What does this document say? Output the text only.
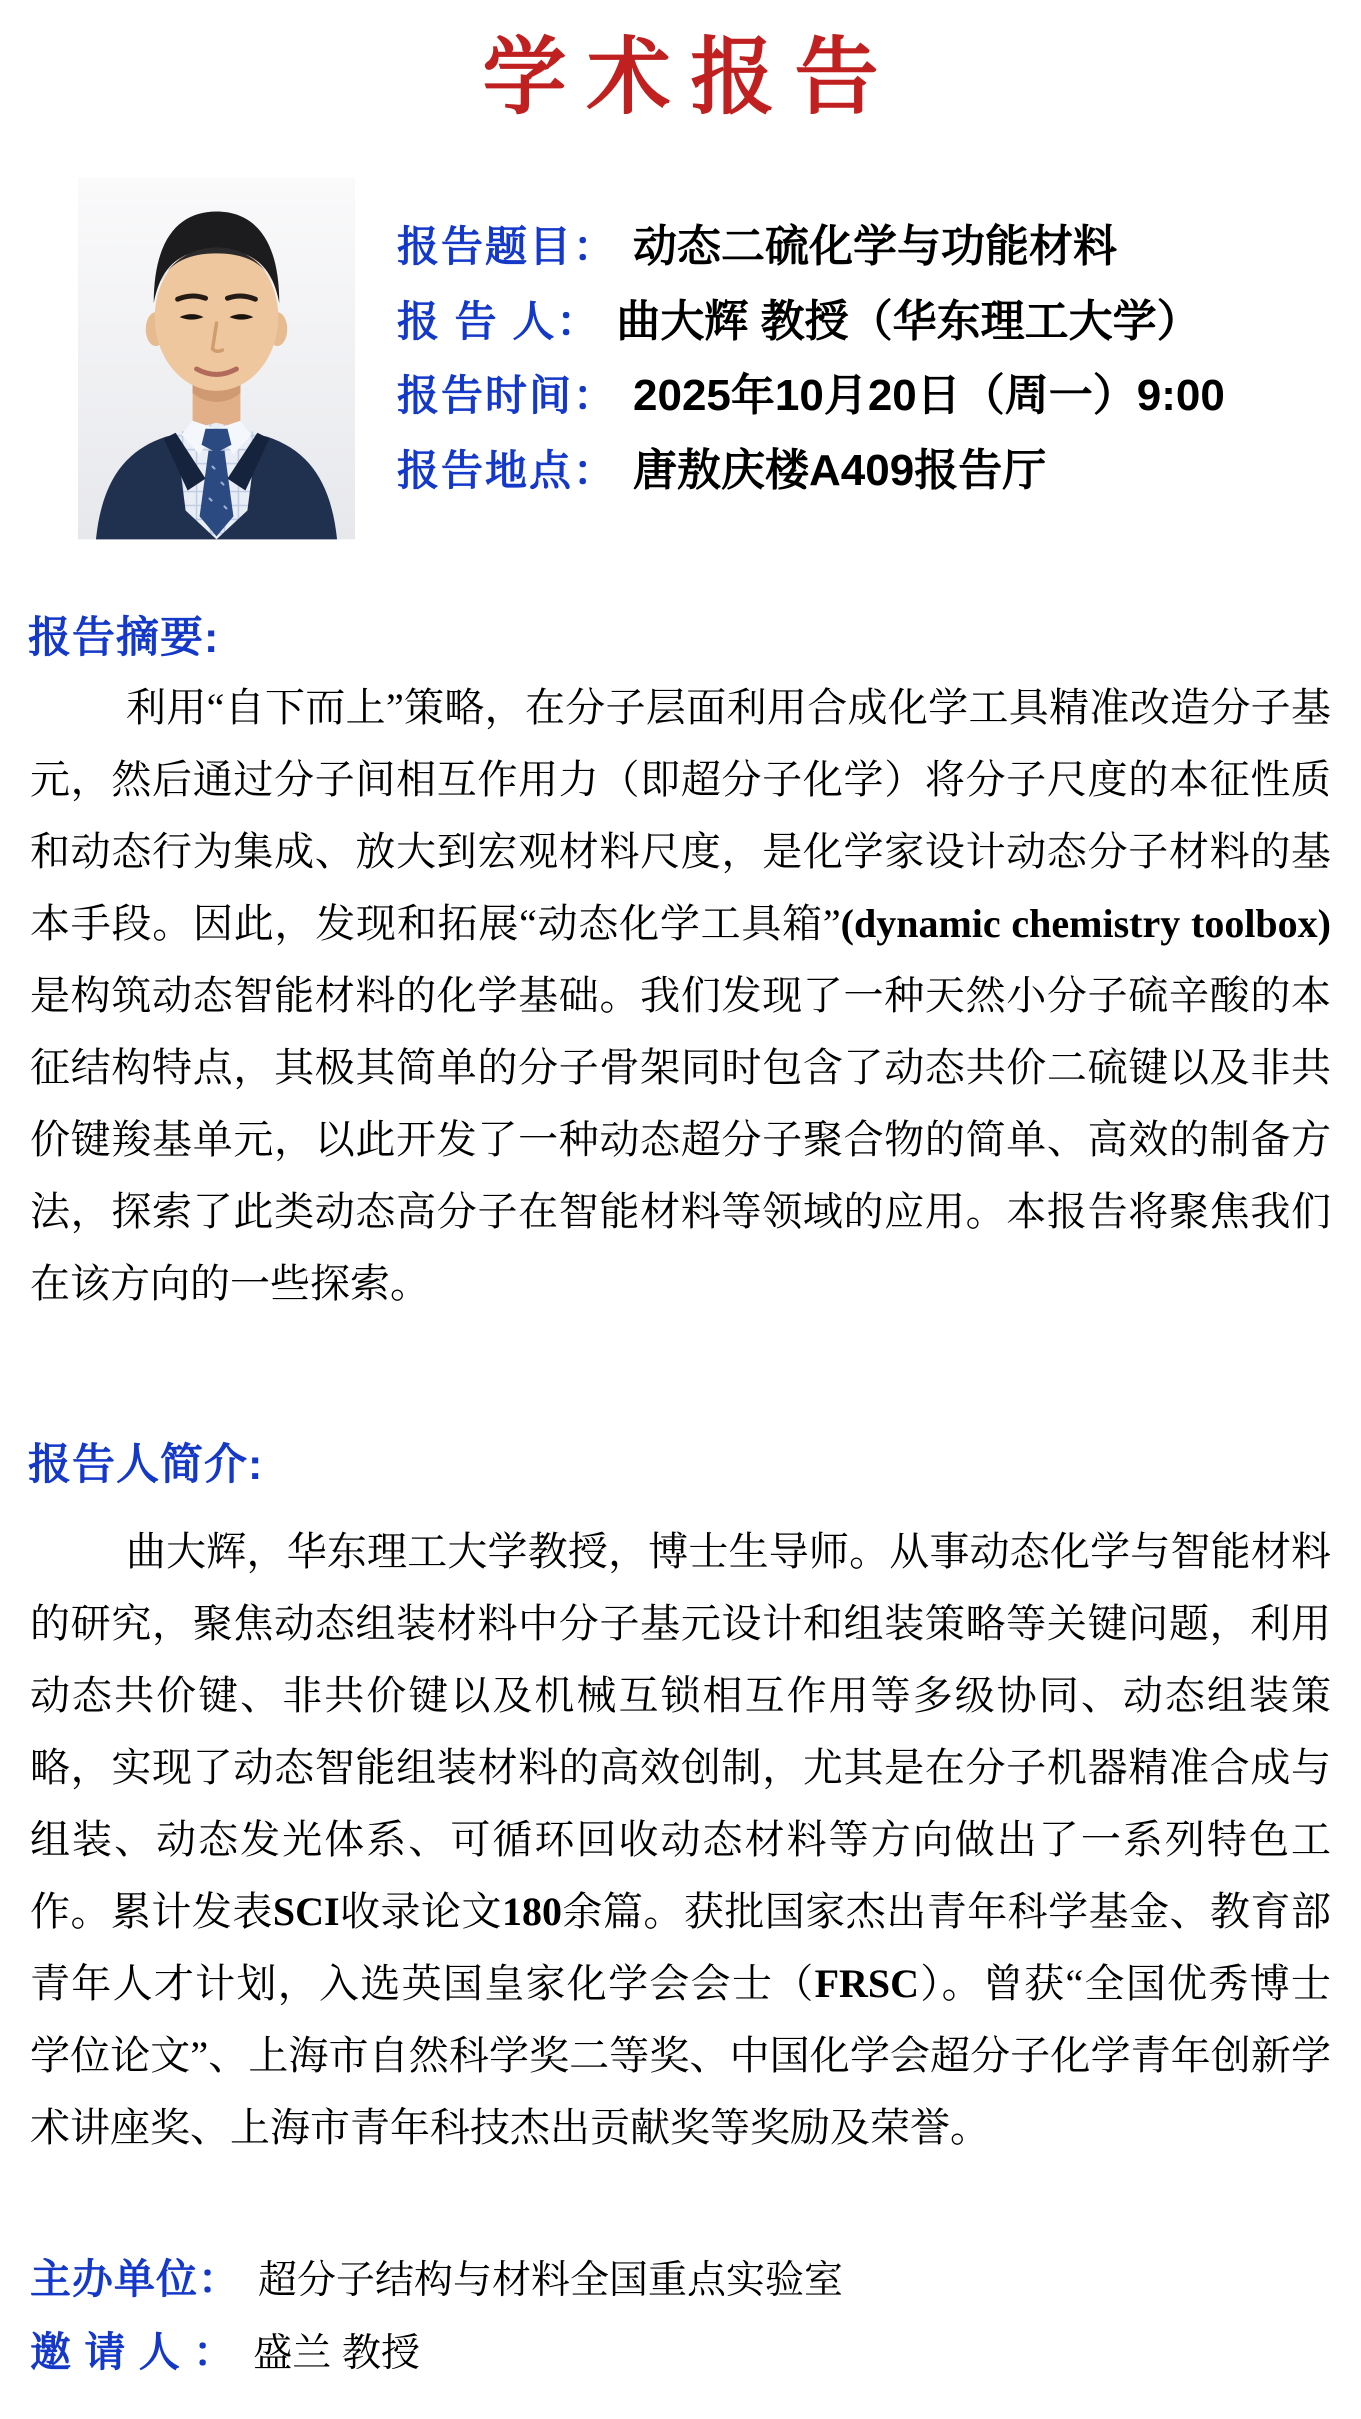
学术报告
报告题目： 动态二硫化学与功能材料
报 告 人： 曲大辉 教授（华东理工大学）
报告时间： 2025年10月20日（周一）9:00
报告地点： 唐敖庆楼A409报告厅
报告摘要:
利用“自下而上”策略，在分子层面利用合成化学工具精准改造分子基元，然后通过分子间相互作用力（即超分子化学）将分子尺度的本征性质和动态行为集成、放大到宏观材料尺度，是化学家设计动态分子材料的基本手段。因此，发现和拓展“动态化学工具箱”(dynamic chemistry toolbox)是构筑动态智能材料的化学基础。我们发现了一种天然小分子硫辛酸的本征结构特点，其极其简单的分子骨架同时包含了动态共价二硫键以及非共价键羧基单元，以此开发了一种动态超分子聚合物的简单、高效的制备方法，探索了此类动态高分子在智能材料等领域的应用。本报告将聚焦我们在该方向的一些探索。
报告人简介:
曲大辉，华东理工大学教授，博士生导师。从事动态化学与智能材料的研究，聚焦动态组装材料中分子基元设计和组装策略等关键问题，利用动态共价键、非共价键以及机械互锁相互作用等多级协同、动态组装策略，实现了动态智能组装材料的高效创制，尤其是在分子机器精准合成与组装、动态发光体系、可循环回收动态材料等方向做出了一系列特色工作。累计发表SCI收录论文180余篇。获批国家杰出青年科学基金、教育部青年人才计划，入选英国皇家化学会会士（FRSC）。曾获“全国优秀博士学位论文”、上海市自然科学奖二等奖、中国化学会超分子化学青年创新学术讲座奖、上海市青年科技杰出贡献奖等奖励及荣誉。
主办单位： 超分子结构与材料全国重点实验室
邀 请 人 ： 盛兰 教授
